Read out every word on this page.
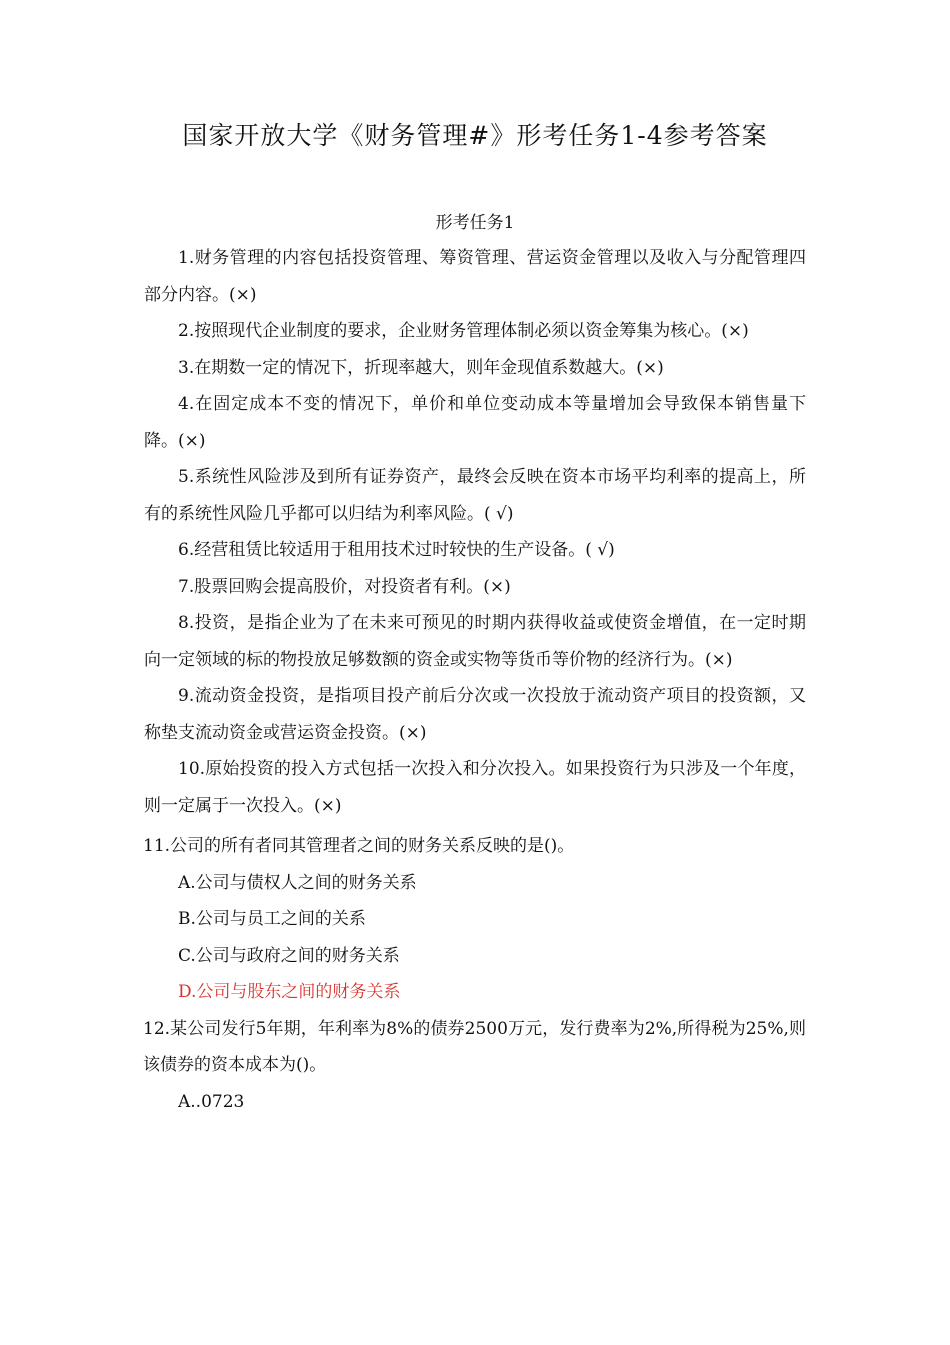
国家开放大学《财务管理#》形考任务1-4参考答案
形考任务1

1.财务管理的内容包括投资管理、筹资管理、营运资金管理以及收入与分配管理四部分内容。(×)

2.按照现代企业制度的要求，企业财务管理体制必须以资金筹集为核心。(×)

3.在期数一定的情况下，折现率越大，则年金现值系数越大。(×)

4.在固定成本不变的情况下，单价和单位变动成本等量增加会导致保本销售量下降。(×)

5.系统性风险涉及到所有证券资产，最终会反映在资本市场平均利率的提高上，所有的系统性风险几乎都可以归结为利率风险。( √)

6.经营租赁比较适用于租用技术过时较快的生产设备。( √)

7.股票回购会提高股价，对投资者有利。(×)

8.投资，是指企业为了在未来可预见的时期内获得收益或使资金增值，在一定时期向一定领域的标的物投放足够数额的资金或实物等货币等价物的经济行为。(×)

9.流动资金投资，是指项目投产前后分次或一次投放于流动资产项目的投资额，又称垫支流动资金或营运资金投资。(×)

10.原始投资的投入方式包括一次投入和分次投入。如果投资行为只涉及一个年度，则一定属于一次投入。(×)

11.公司的所有者同其管理者之间的财务关系反映的是()。

A.公司与债权人之间的财务关系

B.公司与员工之间的关系

C.公司与政府之间的财务关系

D.公司与股东之间的财务关系

12.某公司发行5年期，年利率为8%的债券2500万元，发行费率为2%,所得税为25%,则该债券的资本成本为()。

A..0723
